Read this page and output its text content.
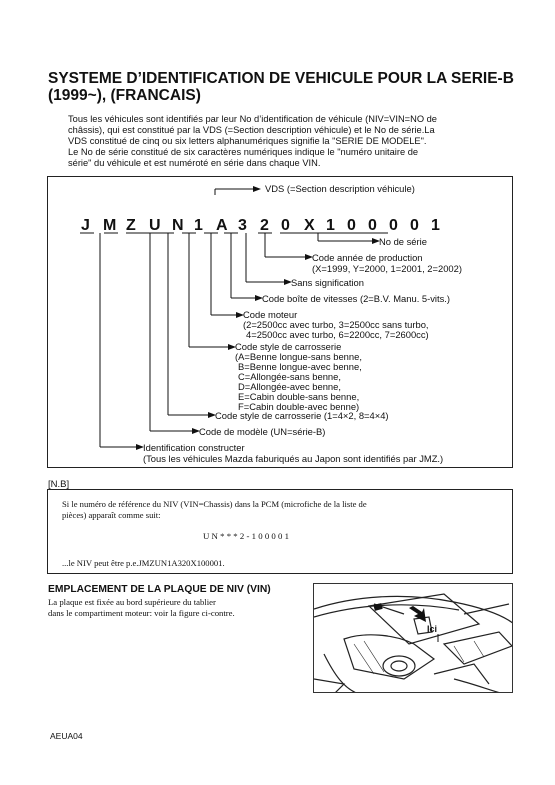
SYSTEME D’IDENTIFICATION DE VEHICULE POUR LA SERIE-B
(1999~), (FRANCAIS)
Tous les véhicules sont identifiés par leur No d’identification de véhicule (NIV=VIN=NO de
châssis), qui est constitué par la VDS (=Section description véhicule) et le No de série.La
VDS constitué de cinq ou six letters alphanumériques signifie la "SERIE DE MODELE".
Le No de série constitué de six caractères numériques indique le "numéro unitaire de
série" du véhicule et est numéroté en série dans chaque VIN.
J M Z U N 1 A 3 2 0 X 1 0 0 0 0 1
VDS (=Section description véhicule)
No de série
Code année de production
(X=1999, Y=2000, 1=2001, 2=2002)
Sans signification
Code boîte de vitesses (2=B.V. Manu. 5-vits.)
Code moteur
(2=2500cc avec turbo, 3=2500cc sans turbo,
4=2500cc avec turbo, 6=2200cc, 7=2600cc)
Code style de carrosserie
(A=Benne longue-sans benne,
B=Benne longue-avec benne,
C=Allongée-sans benne,
D=Allongée-avec benne,
E=Cabin double-sans benne,
F=Cabin double-avec benne)
Code style de carrosserie (1=4×2, 8=4×4)
Code de modèle (UN=série-B)
Identification constructer
(Tous les véhicules Mazda faburiqués au Japon sont identifiés par JMZ.)
[N.B]
Si le numéro de référence du NIV (VIN=Chassis) dans la PCM (microfiche de la liste de
pièces) apparaît comme suit:
UN***2-100001
...le NIV peut être p.e.JMZUN1A320X100001.
EMPLACEMENT DE LA PLAQUE DE NIV (VIN)
La plaque est fixée au bord supérieure du tablier
dans le compartiment moteur: voir la figure ci-contre.
Ici
AEUA04
